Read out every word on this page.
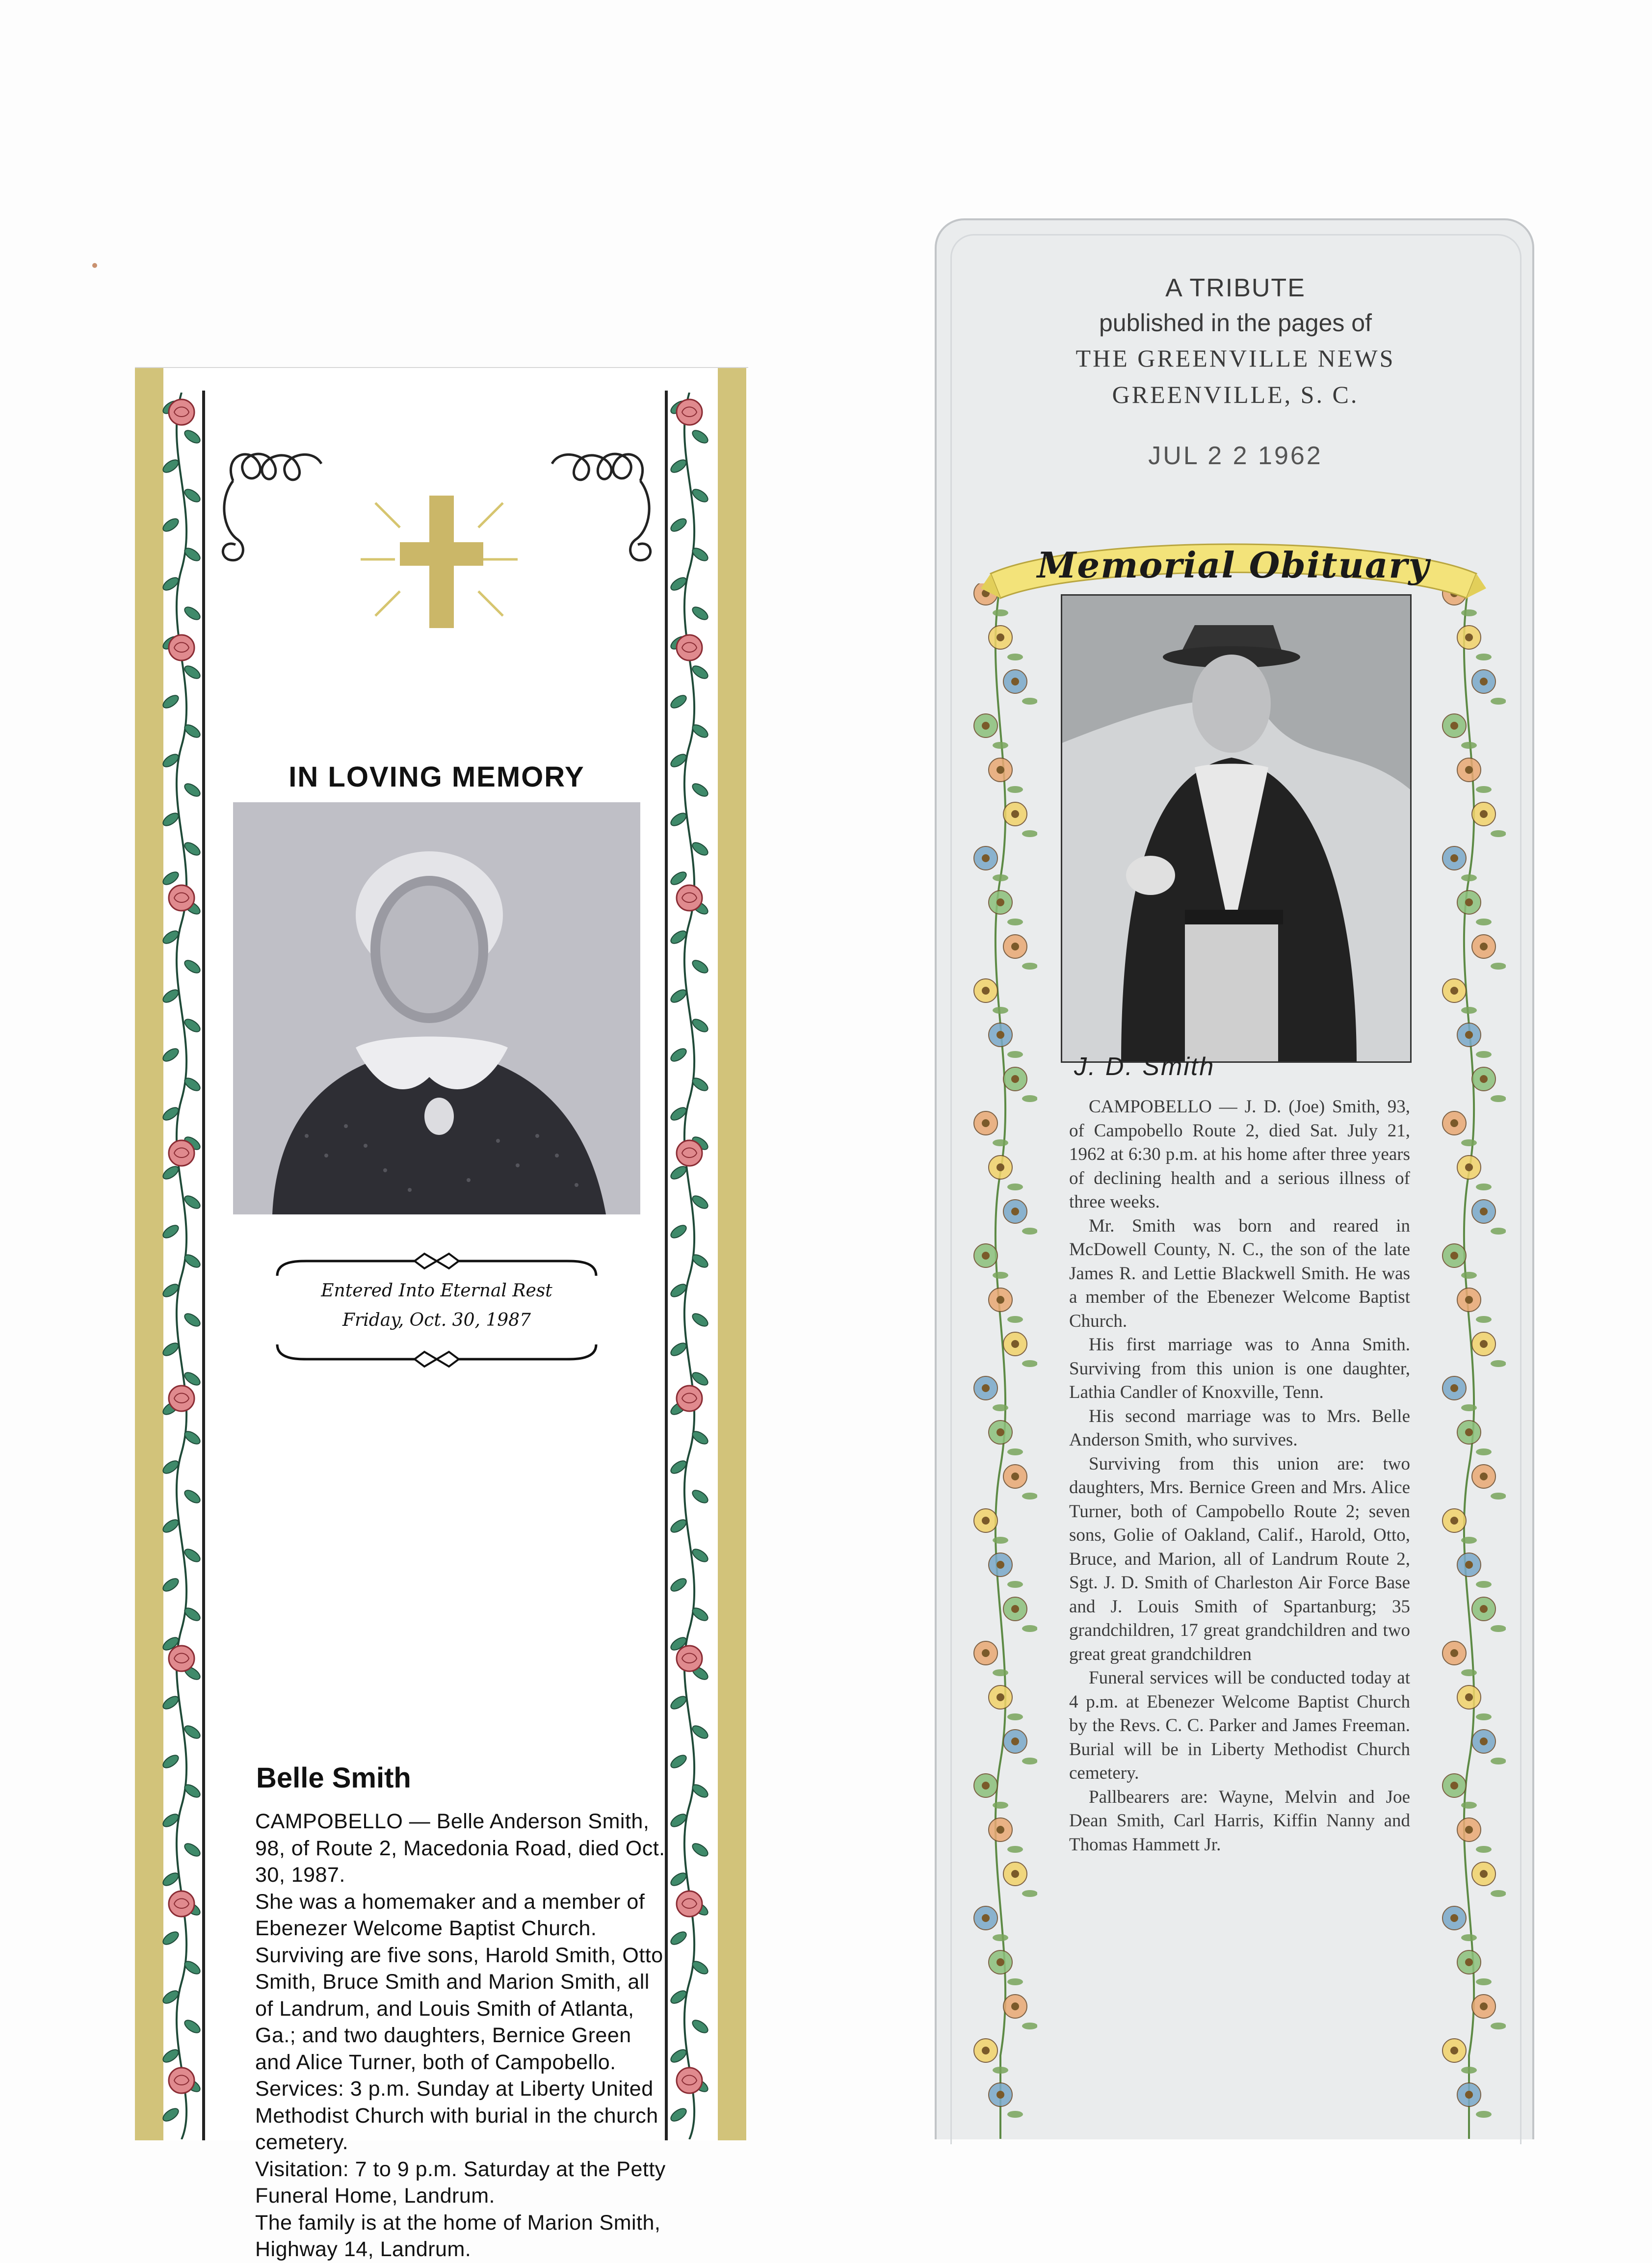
IN LOVING MEMORY
Entered Into Eternal Rest
Friday, Oct. 30, 1987
Belle Smith
CAMPOBELLO — Belle Anderson Smith, 98, of Route 2, Macedonia Road, died Oct. 30, 1987.
She was a homemaker and a member of Ebenezer Welcome Baptist Church.
Surviving are five sons, Harold Smith, Otto Smith, Bruce Smith and Marion Smith, all of Landrum, and Louis Smith of Atlanta, Ga.; and two daughters, Bernice Green and Alice Turner, both of Campobello.
Services: 3 p.m. Sunday at Liberty United Methodist Church with burial in the church cemetery.
Visitation: 7 to 9 p.m. Saturday at the Petty Funeral Home, Landrum.
The family is at the home of Marion Smith, Highway 14, Landrum.
A TRIBUTE
published in the pages of
THE GREENVILLE NEWS
GREENVILLE, S. C.
JUL 2 2 1962
Memorial Obituary
J. D. Smith
CAMPOBELLO — J. D. (Joe) Smith, 93, of Campobello Route 2, died Sat. July 21, 1962 at 6:30 p.m. at his home after three years of declining health and a serious illness of three weeks.
Mr. Smith was born and reared in McDowell County, N. C., the son of the late James R. and Lettie Blackwell Smith. He was a member of the Ebenezer Welcome Baptist Church.
His first marriage was to Anna Smith. Surviving from this union is one daughter, Lathia Candler of Knoxville, Tenn.
His second marriage was to Mrs. Belle Anderson Smith, who survives.
Surviving from this union are: two daughters, Mrs. Bernice Green and Mrs. Alice Turner, both of Campobello Route 2; seven sons, Golie of Oakland, Calif., Harold, Otto, Bruce, and Marion, all of Landrum Route 2, Sgt. J. D. Smith of Charleston Air Force Base and J. Louis Smith of Spartanburg; 35 grandchildren, 17 great grandchildren and two great great grandchildren
Funeral services will be conducted today at 4 p.m. at Ebenezer Welcome Baptist Church by the Revs. C. C. Parker and James Freeman. Burial will be in Liberty Methodist Church cemetery.
Pallbearers are: Wayne, Melvin and Joe Dean Smith, Carl Harris, Kiffin Nanny and Thomas Hammett Jr.
